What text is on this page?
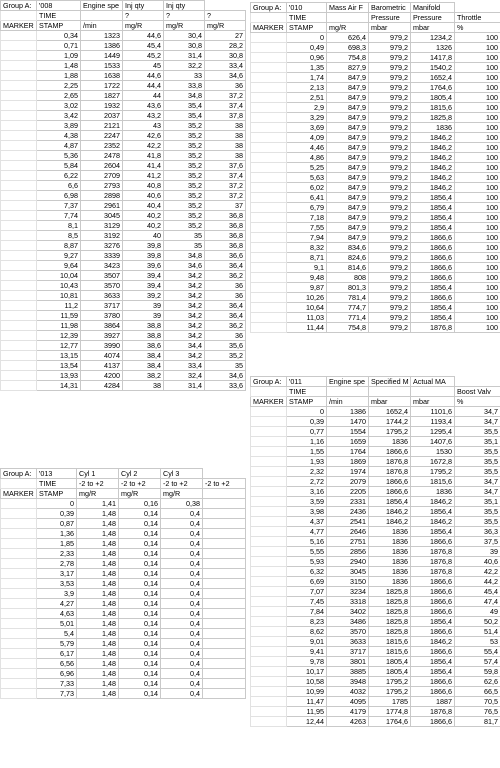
Group A:	'008	Engine spe	Inj qty	Inj qty	
	TIME		?	?	?
MARKER	STAMP	/min	mg/R	mg/R	mg/R
	0,34	1323	44,6	30,4	27
	0,71	1386	45,4	30,8	28,2
	1,09	1449	45,2	31,4	30,8
	1,48	1533	45	32,2	33,4
	1,88	1638	44,6	33	34,6
	2,25	1722	44,4	33,8	36
	2,65	1827	44	34,8	37,2
	3,02	1932	43,6	35,4	37,4
	3,42	2037	43,2	35,4	37,8
	3,89	2121	43	35,2	38
	4,38	2247	42,6	35,2	38
	4,87	2352	42,2	35,2	38
	5,36	2478	41,8	35,2	38
	5,84	2604	41,4	35,2	37,6
	6,22	2709	41,2	35,2	37,4
	6,6	2793	40,8	35,2	37,2
	6,98	2898	40,6	35,2	37,2
	7,37	2961	40,4	35,2	37
	7,74	3045	40,2	35,2	36,8
	8,1	3129	40,2	35,2	36,8
	8,5	3192	40	35	36,8
	8,87	3276	39,8	35	36,8
	9,27	3339	39,8	34,8	36,6
	9,64	3423	39,6	34,6	36,4
	10,04	3507	39,4	34,2	36,2
	10,43	3570	39,4	34,2	36
	10,81	3633	39,2	34,2	36
	11,2	3717	39	34,2	36,4
	11,59	3780	39	34,2	36,4
	11,98	3864	38,8	34,2	36,2
	12,39	3927	38,8	34,2	36
	12,77	3990	38,6	34,4	35,6
	13,15	4074	38,4	34,2	35,2
	13,54	4137	38,4	33,4	35
	13,93	4200	38,2	32,4	34,6
	14,31	4284	38	31,4	33,6
Group A:	'010	Mass Air F	Barometric	Manifold	
	TIME		Pressure	Pressure	Throttle
MARKER	STAMP	mg/R	mbar	mbar	%
	0	626,4	979,2	1234,2	100
	0,49	698,3	979,2	1326	100
	0,96	754,8	979,2	1417,8	100
	1,35	827,9	979,2	1540,2	100
	1,74	847,9	979,2	1652,4	100
	2,13	847,9	979,2	1764,6	100
	2,51	847,9	979,2	1805,4	100
	2,9	847,9	979,2	1815,6	100
	3,29	847,9	979,2	1825,8	100
	3,69	847,9	979,2	1836	100
	4,09	847,9	979,2	1846,2	100
	4,46	847,9	979,2	1846,2	100
	4,86	847,9	979,2	1846,2	100
	5,25	847,9	979,2	1846,2	100
	5,63	847,9	979,2	1846,2	100
	6,02	847,9	979,2	1846,2	100
	6,41	847,9	979,2	1856,4	100
	6,79	847,9	979,2	1856,4	100
	7,18	847,9	979,2	1856,4	100
	7,55	847,9	979,2	1856,4	100
	7,94	847,9	979,2	1866,6	100
	8,32	834,6	979,2	1866,6	100
	8,71	824,6	979,2	1866,6	100
	9,1	814,6	979,2	1866,6	100
	9,48	808	979,2	1866,6	100
	9,87	801,3	979,2	1856,4	100
	10,26	781,4	979,2	1866,6	100
	10,64	774,7	979,2	1856,4	100
	11,03	771,4	979,2	1856,4	100
	11,44	754,8	979,2	1876,8	100
Group A:	'013	Cyl 1	Cyl 2	Cyl 3	
	TIME	-2 to +2	-2 to +2	-2 to +2	-2 to +2
MARKER	STAMP	mg/R	mg/R	mg/R	
	0	1,41	0,16	0,38	
	0,39	1,48	0,14	0,4	
	0,87	1,48	0,14	0,4	
	1,36	1,48	0,14	0,4	
	1,85	1,48	0,14	0,4	
	2,33	1,48	0,14	0,4	
	2,78	1,48	0,14	0,4	
	3,17	1,48	0,14	0,4	
	3,53	1,48	0,14	0,4	
	3,9	1,48	0,14	0,4	
	4,27	1,48	0,14	0,4	
	4,63	1,48	0,14	0,4	
	5,01	1,48	0,14	0,4	
	5,4	1,48	0,14	0,4	
	5,79	1,48	0,14	0,4	
	6,17	1,48	0,14	0,4	
	6,56	1,48	0,14	0,4	
	6,96	1,48	0,14	0,4	
	7,33	1,48	0,14	0,4	
	7,73	1,48	0,14	0,4	
Group A:	'011	Engine spe	Specified M	Actual MA	
	TIME				Boost Valv
MARKER	STAMP	/min	mbar	mbar	%
	0	1386	1652,4	1101,6	34,7
	0,39	1470	1744,2	1193,4	34,7
	0,77	1554	1795,2	1295,4	35,5
	1,16	1659	1836	1407,6	35,1
	1,55	1764	1866,6	1530	35,5
	1,93	1869	1876,8	1672,8	35,5
	2,32	1974	1876,8	1795,2	35,5
	2,72	2079	1866,6	1815,6	34,7
	3,16	2205	1866,6	1836	34,7
	3,59	2331	1856,4	1846,2	35,1
	3,98	2436	1846,2	1856,4	35,5
	4,37	2541	1846,2	1846,2	35,5
	4,77	2646	1836	1856,4	36,3
	5,16	2751	1836	1866,6	37,5
	5,55	2856	1836	1876,8	39
	5,93	2940	1836	1876,8	40,6
	6,32	3045	1836	1876,8	42,2
	6,69	3150	1836	1866,6	44,2
	7,07	3234	1825,8	1866,6	45,4
	7,45	3318	1825,8	1866,6	47,4
	7,84	3402	1825,8	1866,6	49
	8,23	3486	1825,8	1856,4	50,2
	8,62	3570	1825,8	1866,6	51,4
	9,01	3633	1815,6	1846,2	53
	9,41	3717	1815,6	1866,6	55,4
	9,78	3801	1805,4	1856,4	57,4
	10,17	3885	1805,4	1856,4	59,8
	10,58	3948	1795,2	1866,6	62,6
	10,99	4032	1795,2	1866,6	66,5
	11,47	4095	1785	1887	70,5
	11,95	4179	1774,8	1876,8	76,5
	12,44	4263	1764,6	1866,6	81,7
